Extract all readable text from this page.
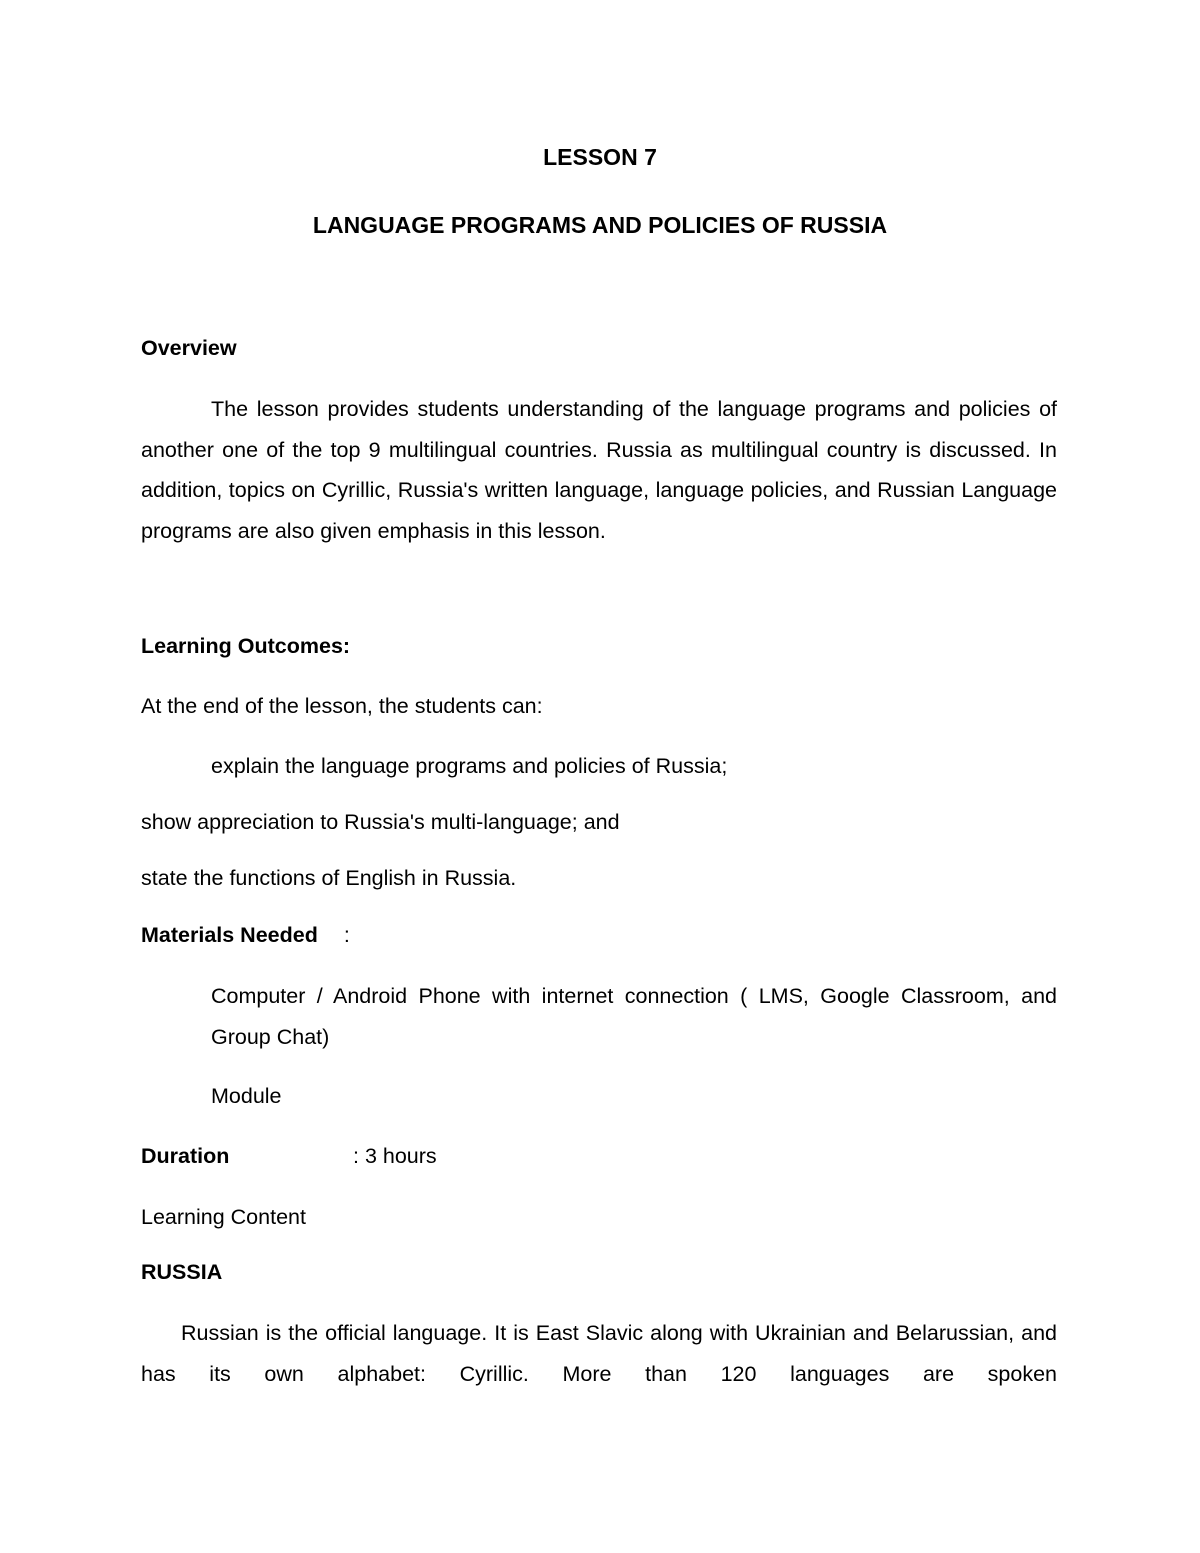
LESSON 7
LANGUAGE PROGRAMS AND POLICIES OF RUSSIA
Overview
The lesson provides students understanding of the language programs and policies of another one of the top 9 multilingual countries. Russia as multilingual country is discussed. In addition, topics on Cyrillic, Russia's written language, language policies, and Russian Language programs are also given emphasis in this lesson.
Learning Outcomes:
At the end of the lesson, the students can:
explain the language programs and policies of Russia;
show appreciation to Russia's multi-language; and
state the functions of English in Russia.
Materials Needed :
Computer / Android Phone with internet connection ( LMS, Google Classroom, and Group Chat)
Module
Duration	: 3 hours
Learning Content
RUSSIA
Russian is the official language. It is East Slavic along with Ukrainian and Belarussian, and has its own alphabet: Cyrillic. More than 120 languages are spoken
